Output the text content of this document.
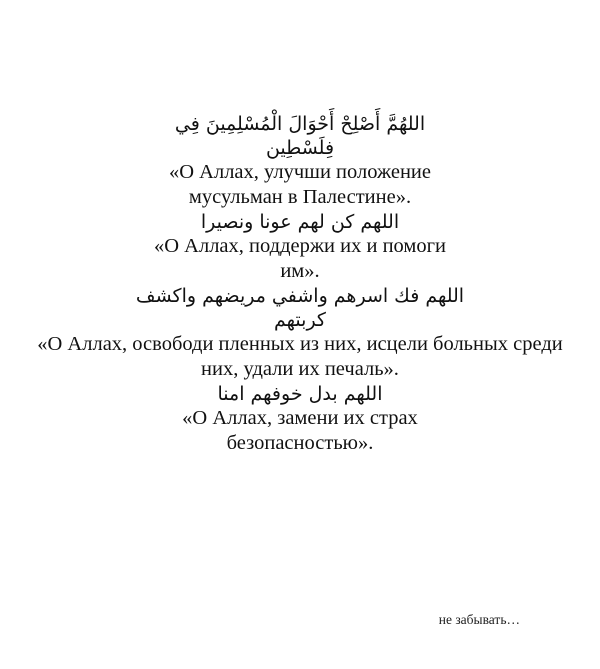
اللهُمَّ أَصْلِحْ أَحْوَالَ الْمُسْلِمِينَ فِي فِلَسْطِين
«О Аллах, улучши положение мусульман в Палестине».
اللهم كن لهم عونا ونصيرا
«О Аллах, поддержи их и помоги им».
اللهم فك اسرهم واشفي مريضهم واكشف كربتهم
«О Аллах, освободи пленных из них, исцели больных среди них, удали их печаль».
اللهم بدل خوفهم امنا
«О Аллах, замени их страх безопасностью».
не забывать…
